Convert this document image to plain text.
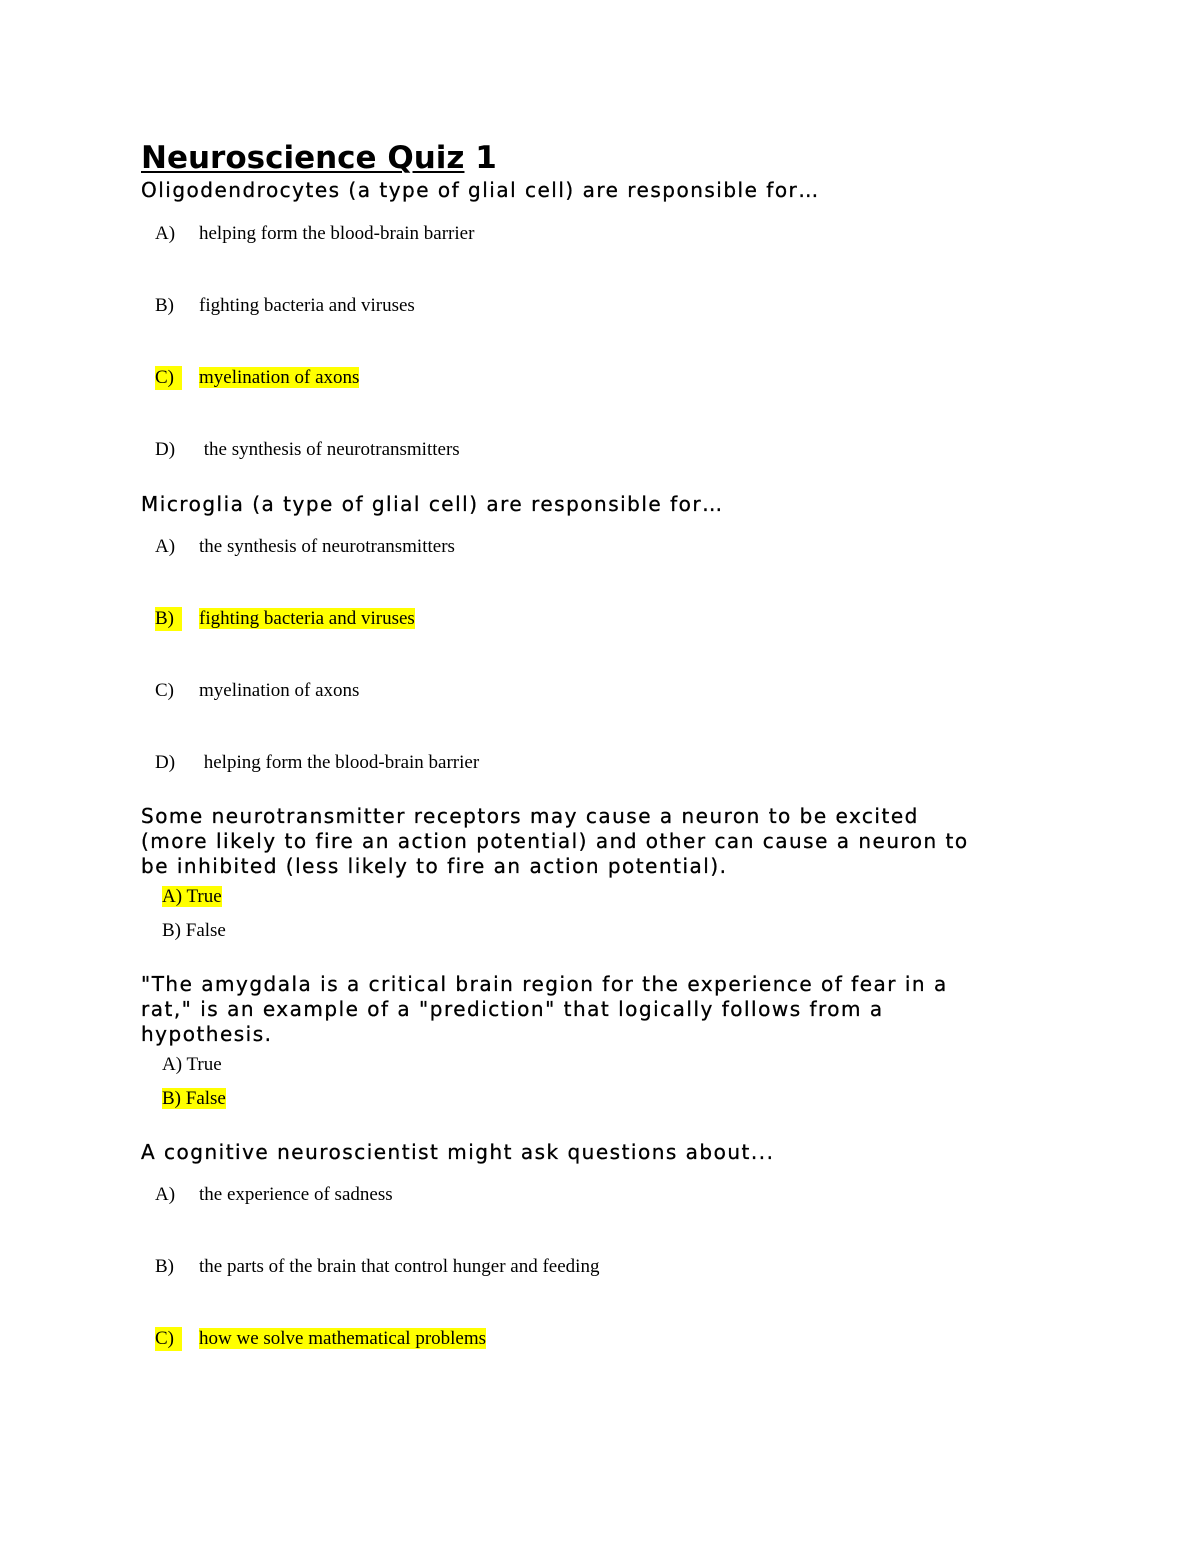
Neuroscience Quiz 1
Oligodendrocytes (a type of glial cell) are responsible for…
A) helping form the blood-brain barrier
B) fighting bacteria and viruses
C) myelination of axons
D) the synthesis of neurotransmitters
Microglia (a type of glial cell) are responsible for…
A) the synthesis of neurotransmitters
B) fighting bacteria and viruses
C) myelination of axons
D) helping form the blood-brain barrier
Some neurotransmitter receptors may cause a neuron to be excited
(more likely to fire an action potential) and other can cause a neuron to
be inhibited (less likely to fire an action potential).
A) True
B) False
"The amygdala is a critical brain region for the experience of fear in a
rat," is an example of a "prediction" that logically follows from a
hypothesis.
A) True
B) False
A cognitive neuroscientist might ask questions about...
A) the experience of sadness
B) the parts of the brain that control hunger and feeding
C) how we solve mathematical problems
